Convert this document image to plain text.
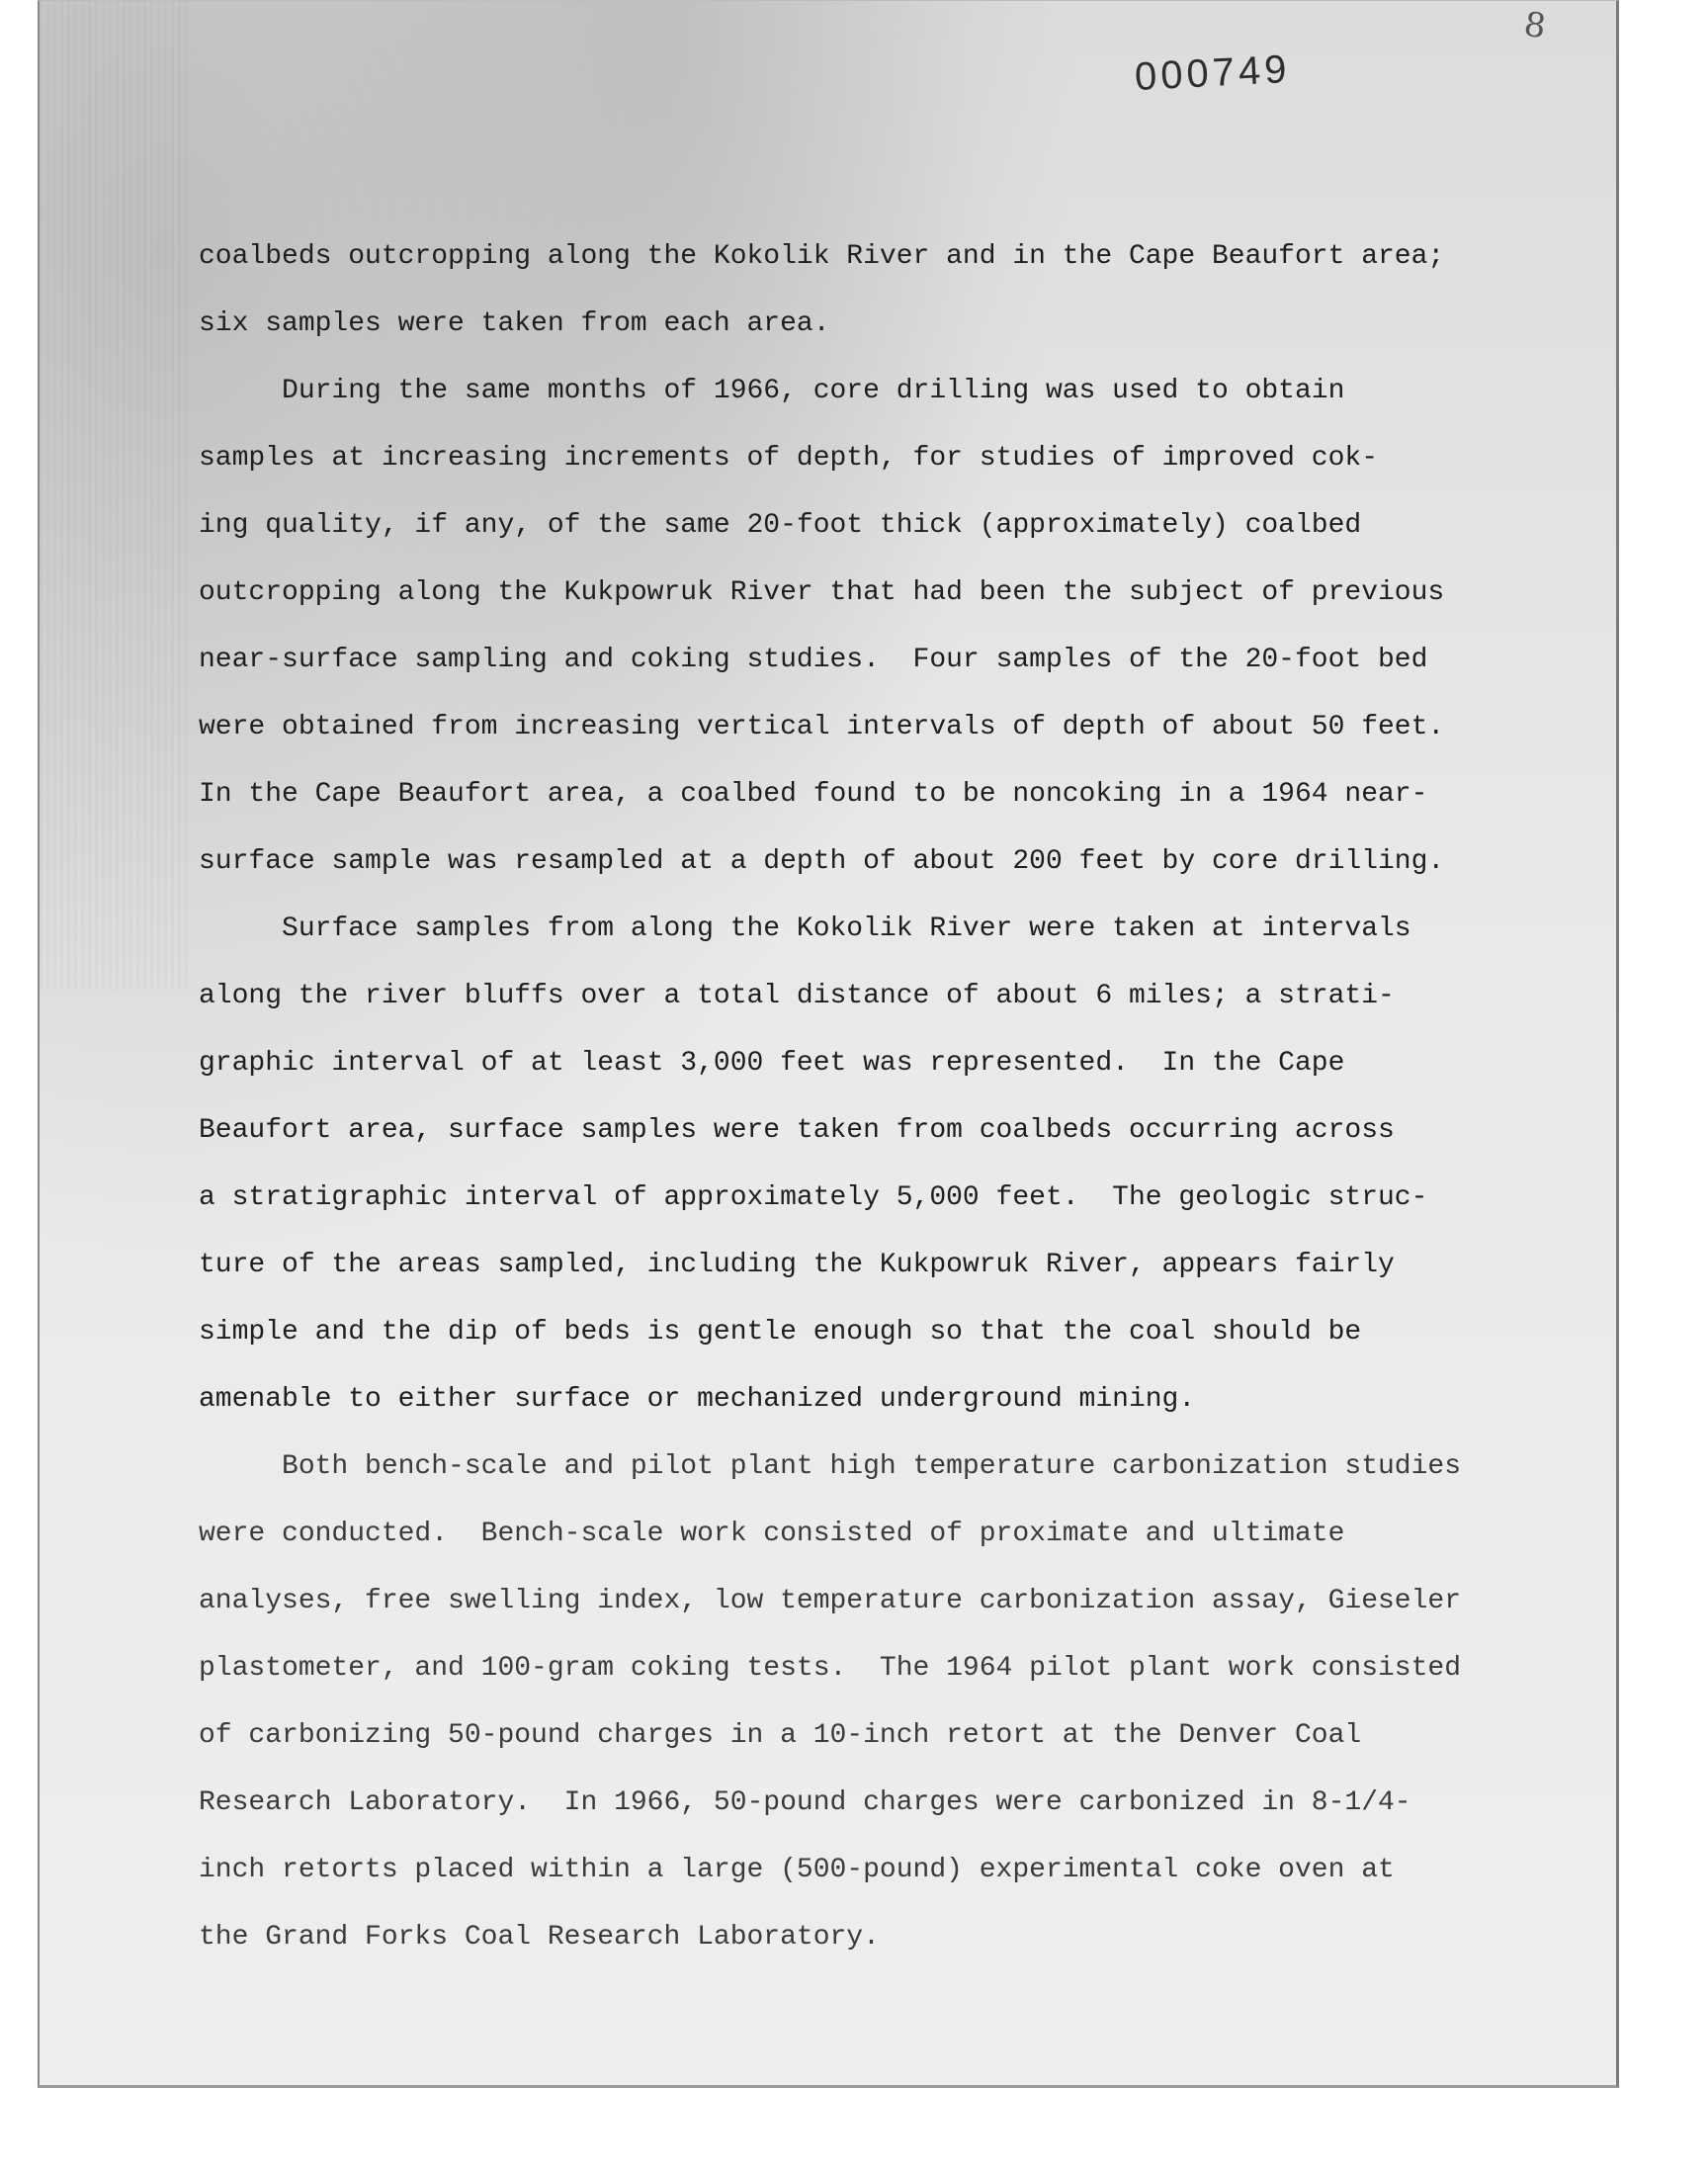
000749
8
coalbeds outcropping along the Kokolik River and in the Cape Beaufort area;
six samples were taken from each area.
During the same months of 1966, core drilling was used to obtain
samples at increasing increments of depth, for studies of improved cok-
ing quality, if any, of the same 20-foot thick (approximately) coalbed
outcropping along the Kukpowruk River that had been the subject of previous
near-surface sampling and coking studies.  Four samples of the 20-foot bed
were obtained from increasing vertical intervals of depth of about 50 feet.
In the Cape Beaufort area, a coalbed found to be noncoking in a 1964 near-
surface sample was resampled at a depth of about 200 feet by core drilling.
Surface samples from along the Kokolik River were taken at intervals
along the river bluffs over a total distance of about 6 miles; a strati-
graphic interval of at least 3,000 feet was represented.  In the Cape
Beaufort area, surface samples were taken from coalbeds occurring across
a stratigraphic interval of approximately 5,000 feet.  The geologic struc-
ture of the areas sampled, including the Kukpowruk River, appears fairly
simple and the dip of beds is gentle enough so that the coal should be
amenable to either surface or mechanized underground mining.
Both bench-scale and pilot plant high temperature carbonization studies
were conducted.  Bench-scale work consisted of proximate and ultimate
analyses, free swelling index, low temperature carbonization assay, Gieseler
plastometer, and 100-gram coking tests.  The 1964 pilot plant work consisted
of carbonizing 50-pound charges in a 10-inch retort at the Denver Coal
Research Laboratory.  In 1966, 50-pound charges were carbonized in 8-1/4-
inch retorts placed within a large (500-pound) experimental coke oven at
the Grand Forks Coal Research Laboratory.
